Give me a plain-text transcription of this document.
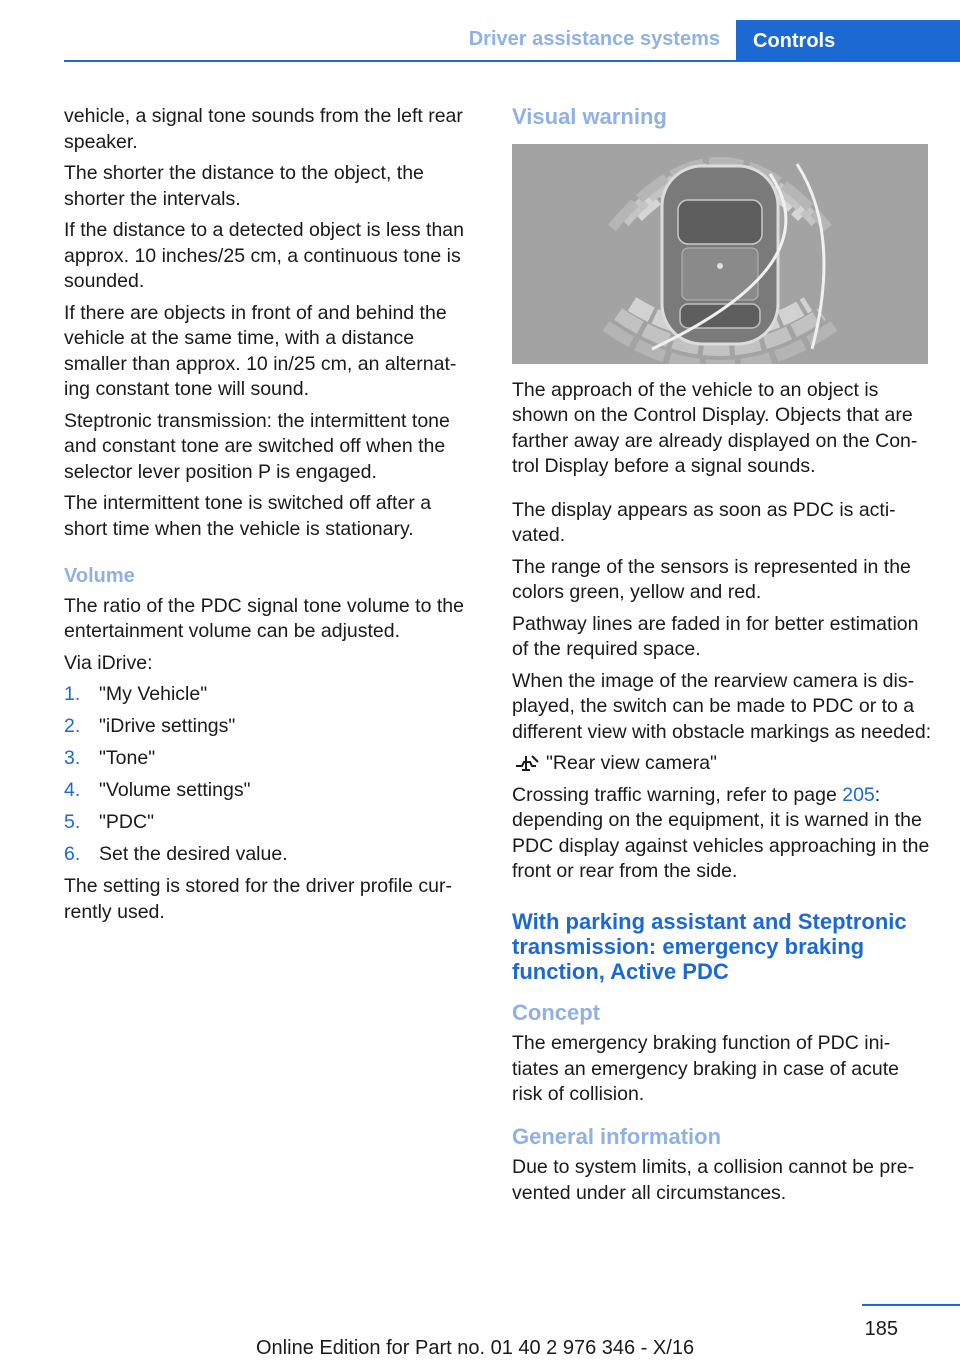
Driver assistance systems	Controls

vehicle, a signal tone sounds from the left rear speaker.

The shorter the distance to the object, the shorter the intervals.

If the distance to a detected object is less than approx. 10 inches/25 cm, a continuous tone is sounded.

If there are objects in front of and behind the vehicle at the same time, with a distance smaller than approx. 10 in/25 cm, an alternat‐ ing constant tone will sound.

Steptronic transmission: the intermittent tone and constant tone are switched off when the selector lever position P is engaged.

The intermittent tone is switched off after a short time when the vehicle is stationary.

Volume

The ratio of the PDC signal tone volume to the entertainment volume can be adjusted.

Via iDrive:

1. "My Vehicle"
2. "iDrive settings"
3. "Tone"
4. "Volume settings"
5. "PDC"
6. Set the desired value.

The setting is stored for the driver profile cur‐ rently used.

Visual warning

The approach of the vehicle to an object is shown on the Control Display. Objects that are farther away are already displayed on the Con‐ trol Display before a signal sounds.

The display appears as soon as PDC is acti‐ vated.

The range of the sensors is represented in the colors green, yellow and red.

Pathway lines are faded in for better estimation of the required space.

When the image of the rearview camera is dis‐ played, the switch can be made to PDC or to a different view with obstacle markings as needed:

"Rear view camera"

Crossing traffic warning, refer to page 205: depending on the equipment, it is warned in the PDC display against vehicles approaching in the front or rear from the side.

With parking assistant and Steptronic transmission: emergency braking function, Active PDC
Concept

The emergency braking function of PDC ini‐ tiates an emergency braking in case of acute risk of collision.

General information

Due to system limits, a collision cannot be pre‐ vented under all circumstances.

185
Online Edition for Part no. 01 40 2 976 346 - X/16
